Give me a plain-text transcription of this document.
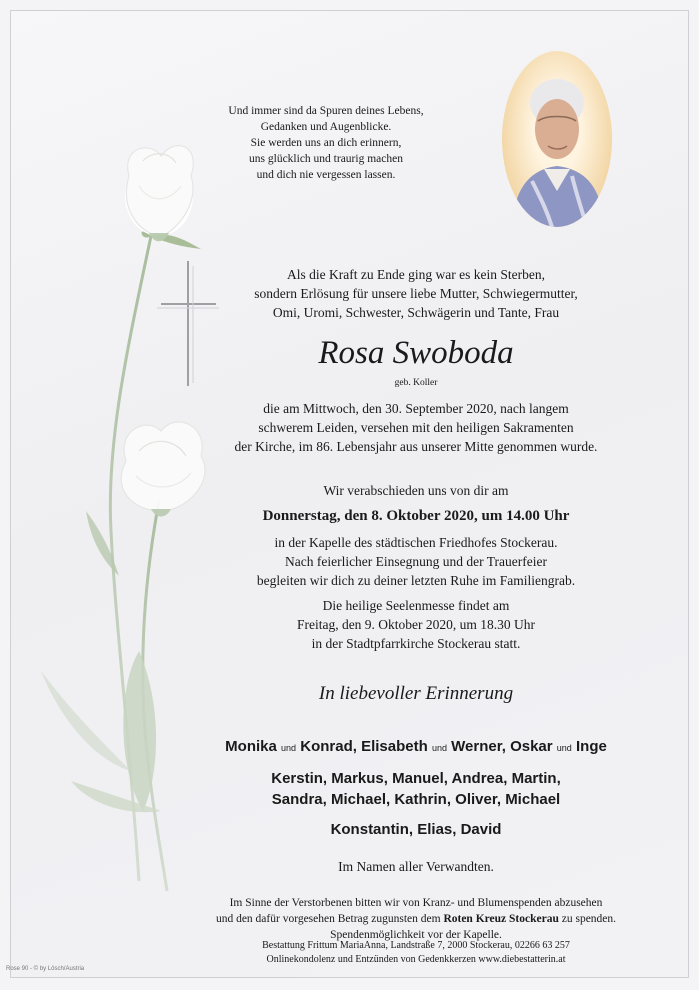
Und immer sind da Spuren deines Lebens,
Gedanken und Augenblicke.
Sie werden uns an dich erinnern,
uns glücklich und traurig machen
und dich nie vergessen lassen.
Als die Kraft zu Ende ging war es kein Sterben,
sondern Erlösung für unsere liebe Mutter, Schwiegermutter,
Omi, Uromi, Schwester, Schwägerin und Tante, Frau
Rosa Swoboda
geb. Koller
die am Mittwoch, den 30. September 2020, nach langem
schwerem Leiden, versehen mit den heiligen Sakramenten
der Kirche, im 86. Lebensjahr aus unserer Mitte genommen wurde.
Wir verabschieden uns von dir am
Donnerstag, den 8. Oktober 2020, um 14.00 Uhr
in der Kapelle des städtischen Friedhofes Stockerau.
Nach feierlicher Einsegnung und der Trauerfeier
begleiten wir dich zu deiner letzten Ruhe im Familiengrab.
Die heilige Seelenmesse findet am
Freitag, den 9. Oktober 2020, um 18.30 Uhr
in der Stadtpfarrkirche Stockerau statt.
In liebevoller Erinnerung
Monika und Konrad, Elisabeth und Werner, Oskar und Inge
Kerstin, Markus, Manuel, Andrea, Martin,
Sandra, Michael, Kathrin, Oliver, Michael
Konstantin, Elias, David
Im Namen aller Verwandten.
Im Sinne der Verstorbenen bitten wir von Kranz- und Blumenspenden abzusehen
und den dafür vorgesehen Betrag zugunsten dem Roten Kreuz Stockerau zu spenden.
Spendenmöglichkeit vor der Kapelle.
Bestattung Frittum MariaAnna, Landstraße 7, 2000 Stockerau, 02266 63 257
Onlinekondolenz und Entzünden von Gedenkkerzen www.diebestatterin.at
Rose 90 - © by Lösch/Austria
